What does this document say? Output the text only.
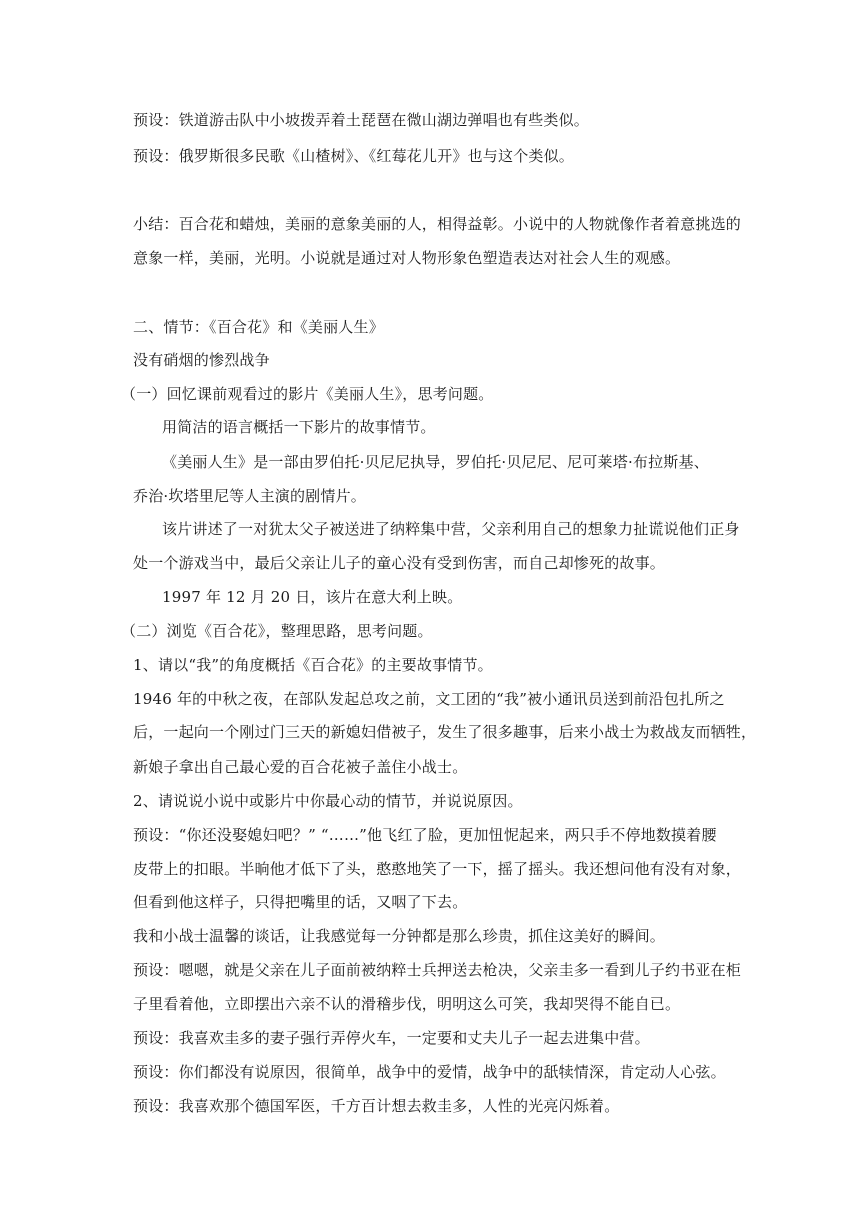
预设：铁道游击队中小坡拨弄着土琵琶在微山湖边弹唱也有些类似。
预设：俄罗斯很多民歌《山楂树》、《红莓花儿开》也与这个类似。
小结：百合花和蜡烛，美丽的意象美丽的人，相得益彰。小说中的人物就像作者着意挑选的
意象一样，美丽，光明。小说就是通过对人物形象色塑造表达对社会人生的观感。
二、情节：《百合花》和《美丽人生》
没有硝烟的惨烈战争
（一）回忆课前观看过的影片《美丽人生》，思考问题。
用简洁的语言概括一下影片的故事情节。
《美丽人生》是一部由罗伯托·贝尼尼执导，罗伯托·贝尼尼、尼可莱塔·布拉斯基、
乔治·坎塔里尼等人主演的剧情片。
该片讲述了一对犹太父子被送进了纳粹集中营，父亲利用自己的想象力扯谎说他们正身
处一个游戏当中，最后父亲让儿子的童心没有受到伤害，而自己却惨死的故事。
1997 年 12 月 20 日，该片在意大利上映。
（二）浏览《百合花》，整理思路，思考问题。
1、请以“我”的角度概括《百合花》的主要故事情节。
1946 年的中秋之夜，在部队发起总攻之前，文工团的“我”被小通讯员送到前沿包扎所之
后，一起向一个刚过门三天的新媳妇借被子，发生了很多趣事，后来小战士为救战友而牺牲，
新娘子拿出自己最心爱的百合花被子盖住小战士。
2、请说说小说中或影片中你最心动的情节，并说说原因。
预设：“你还没娶媳妇吧？” “……”他飞红了脸，更加忸怩起来，两只手不停地数摸着腰
皮带上的扣眼。半晌他才低下了头，憨憨地笑了一下，摇了摇头。我还想问他有没有对象，
但看到他这样子，只得把嘴里的话，又咽了下去。
我和小战士温馨的谈话，让我感觉每一分钟都是那么珍贵，抓住这美好的瞬间。
预设：嗯嗯，就是父亲在儿子面前被纳粹士兵押送去枪决，父亲圭多一看到儿子约书亚在柜
子里看着他，立即摆出六亲不认的滑稽步伐，明明这么可笑，我却哭得不能自已。
预设：我喜欢圭多的妻子强行弄停火车，一定要和丈夫儿子一起去进集中营。
预设：你们都没有说原因，很简单，战争中的爱情，战争中的舐犊情深，肯定动人心弦。
预设：我喜欢那个德国军医，千方百计想去救圭多，人性的光亮闪烁着。
